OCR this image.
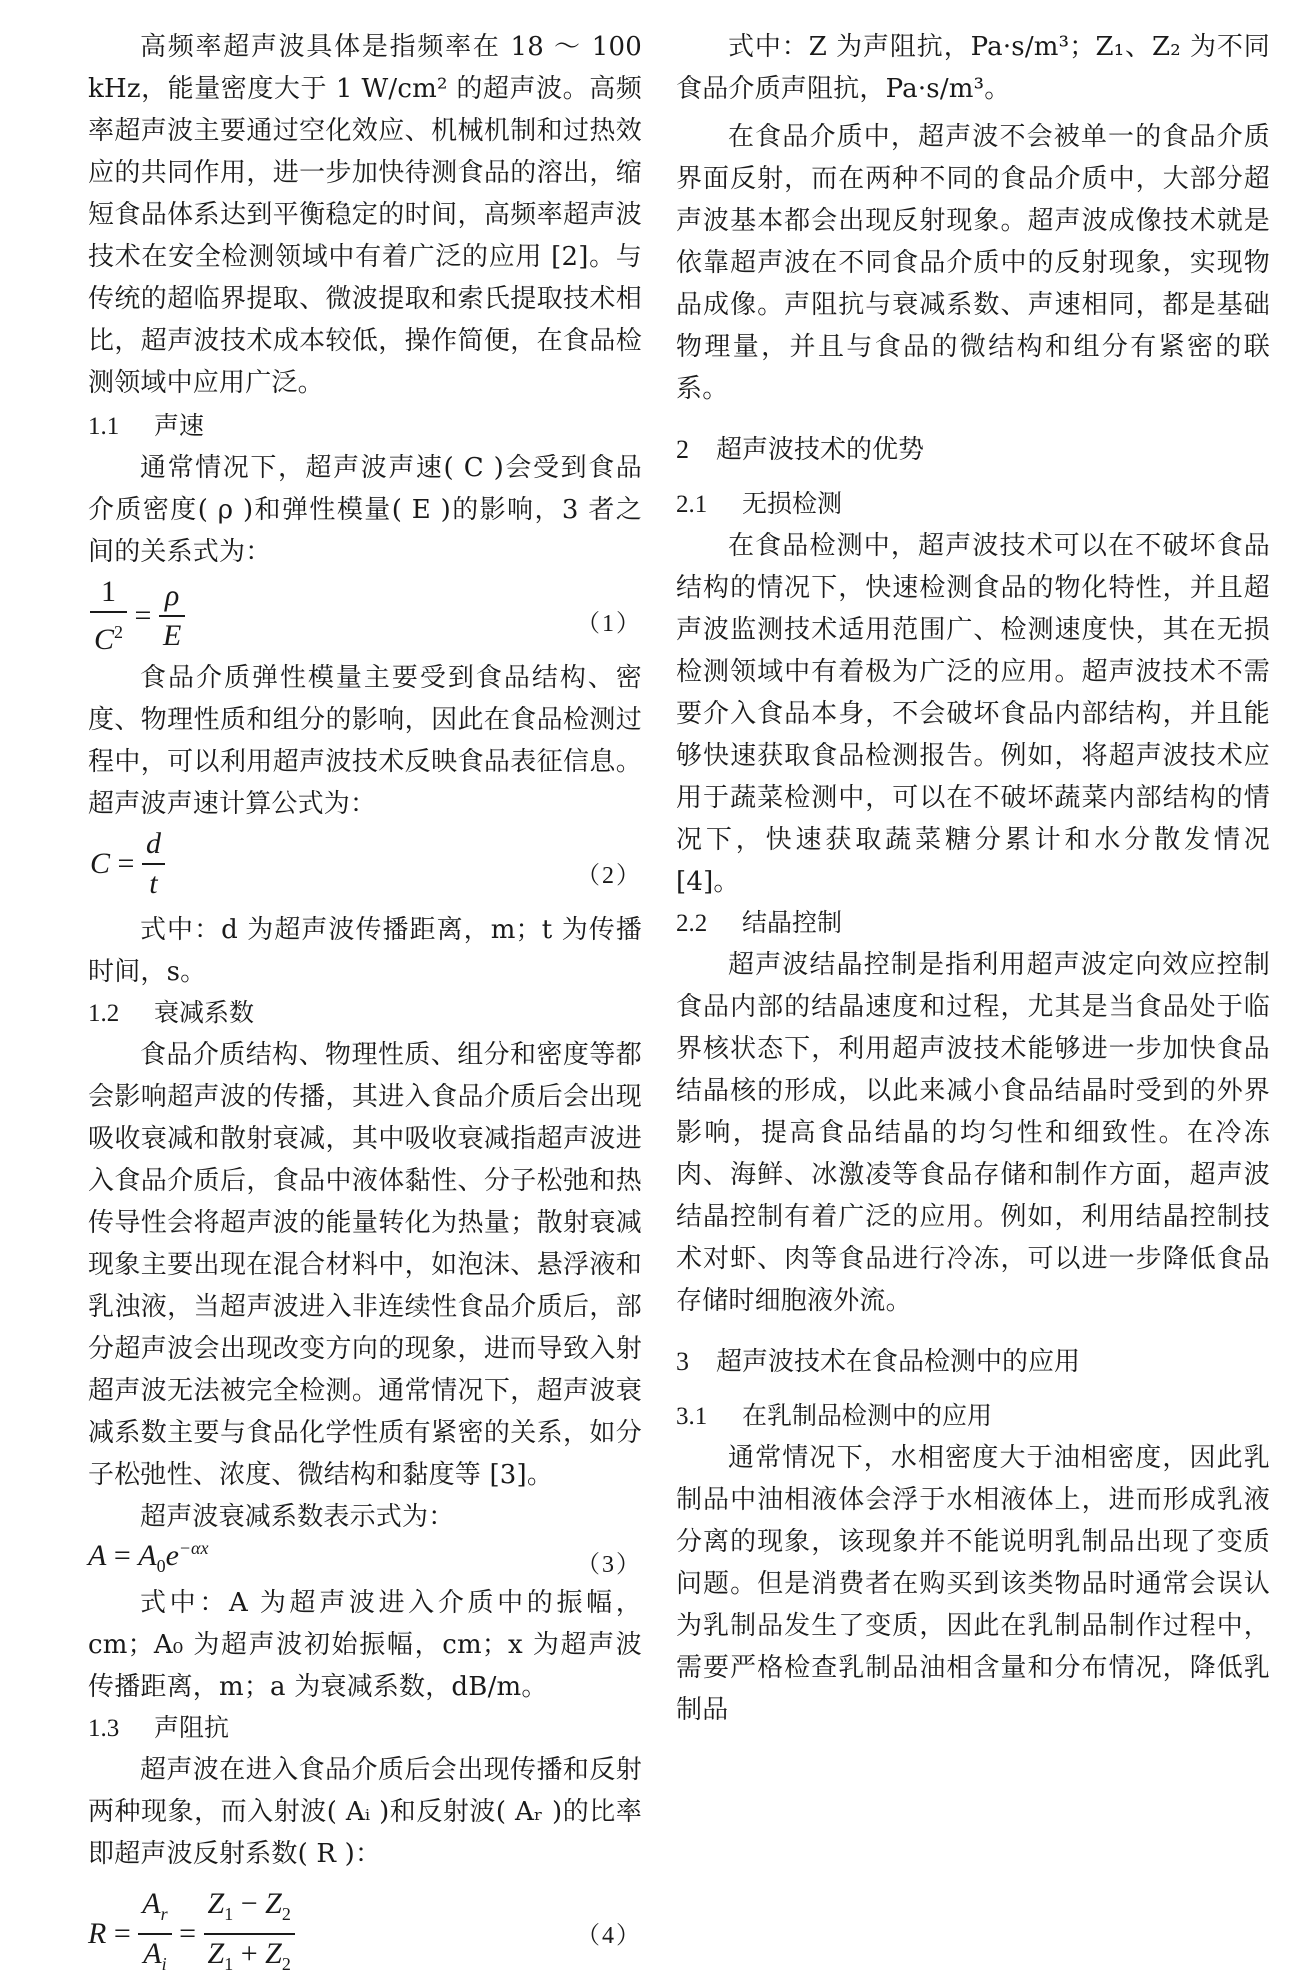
高频率超声波具体是指频率在 18 ～ 100 kHz，能量密度大于 1 W/cm² 的超声波。高频率超声波主要通过空化效应、机械机制和过热效应的共同作用，进一步加快待测食品的溶出，缩短食品体系达到平衡稳定的时间，高频率超声波技术在安全检测领域中有着广泛的应用 [2]。与传统的超临界提取、微波提取和索氏提取技术相比，超声波技术成本较低，操作简便，在食品检测领域中应用广泛。

1.1 声速

通常情况下，超声波声速( C )会受到食品介质密度( ρ )和弹性模量( E )的影响，3 者之间的关系式为：

$\frac{1}{C^2} = \frac{\rho}{E}$	（1）

食品介质弹性模量主要受到食品结构、密度、物理性质和组分的影响，因此在食品检测过程中，可以利用超声波技术反映食品表征信息。超声波声速计算公式为：

$C = \frac{d}{t}$	（2）

式中：d 为超声波传播距离，m；t 为传播时间，s。

1.2 衰减系数

食品介质结构、物理性质、组分和密度等都会影响超声波的传播，其进入食品介质后会出现吸收衰减和散射衰减，其中吸收衰减指超声波进入食品介质后，食品中液体黏性、分子松弛和热传导性会将超声波的能量转化为热量；散射衰减现象主要出现在混合材料中，如泡沫、悬浮液和乳浊液，当超声波进入非连续性食品介质后，部分超声波会出现改变方向的现象，进而导致入射超声波无法被完全检测。通常情况下，超声波衰减系数主要与食品化学性质有紧密的关系，如分子松弛性、浓度、微结构和黏度等 [3]。

超声波衰减系数表示式为：

$A = A_0e^{-\alpha x}$
（3）

式中：A 为超声波进入介质中的振幅，cm；A₀ 为超声波初始振幅，cm；x 为超声波传播距离，m；a 为衰减系数，dB/m。

1.3 声阻抗

超声波在进入食品介质后会出现传播和反射两种现象，而入射波( Aᵢ )和反射波( Aᵣ )的比率即超声波反射系数( R )：

$R = \frac{A_r}{A_i} = \frac{Z_1 - Z_2}{Z_1 + Z_2}$	（4）

式中：Z 为声阻抗，Pa·s/m³；Z₁、Z₂ 为不同食品介质声阻抗，Pa·s/m³。

在食品介质中，超声波不会被单一的食品介质界面反射，而在两种不同的食品介质中，大部分超声波基本都会出现反射现象。超声波成像技术就是依靠超声波在不同食品介质中的反射现象，实现物品成像。声阻抗与衰减系数、声速相同，都是基础物理量，并且与食品的微结构和组分有紧密的联系。

2 超声波技术的优势
2.1 无损检测

在食品检测中，超声波技术可以在不破坏食品结构的情况下，快速检测食品的物化特性，并且超声波监测技术适用范围广、检测速度快，其在无损检测领域中有着极为广泛的应用。超声波技术不需要介入食品本身，不会破坏食品内部结构，并且能够快速获取食品检测报告。例如，将超声波技术应用于蔬菜检测中，可以在不破坏蔬菜内部结构的情况下，快速获取蔬菜糖分累计和水分散发情况 [4]。

2.2 结晶控制

超声波结晶控制是指利用超声波定向效应控制食品内部的结晶速度和过程，尤其是当食品处于临界核状态下，利用超声波技术能够进一步加快食品结晶核的形成，以此来减小食品结晶时受到的外界影响，提高食品结晶的均匀性和细致性。在冷冻肉、海鲜、冰激凌等食品存储和制作方面，超声波结晶控制有着广泛的应用。例如，利用结晶控制技术对虾、肉等食品进行冷冻，可以进一步降低食品存储时细胞液外流。

3 超声波技术在食品检测中的应用
3.1 在乳制品检测中的应用

通常情况下，水相密度大于油相密度，因此乳制品中油相液体会浮于水相液体上，进而形成乳液分离的现象，该现象并不能说明乳制品出现了变质问题。但是消费者在购买到该类物品时通常会误认为乳制品发生了变质，因此在乳制品制作过程中，需要严格检查乳制品油相含量和分布情况，降低乳制品
